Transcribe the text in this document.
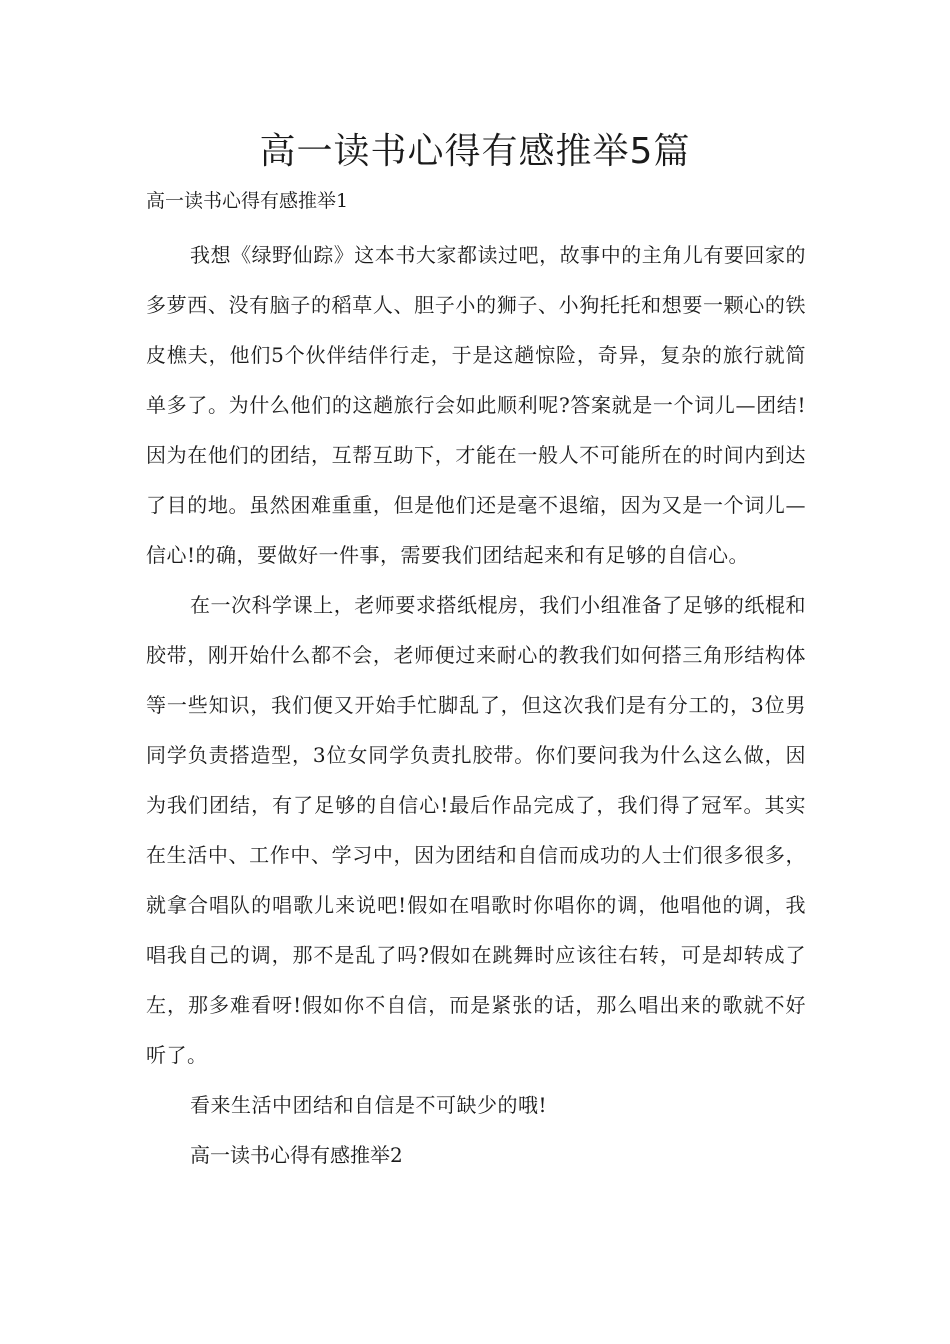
高一读书心得有感推举5篇

高一读书心得有感推举1

我想《绿野仙踪》这本书大家都读过吧，故事中的主角儿有要回家的多萝西、没有脑子的稻草人、胆子小的狮子、小狗托托和想要一颗心的铁皮樵夫，他们5个伙伴结伴行走，于是这趟惊险，奇异，复杂的旅行就简单多了。为什么他们的这趟旅行会如此顺利呢?答案就是一个词儿—团结!因为在他们的团结，互帮互助下，才能在一般人不可能所在的时间内到达了目的地。虽然困难重重，但是他们还是毫不退缩，因为又是一个词儿—信心!的确，要做好一件事，需要我们团结起来和有足够的自信心。

在一次科学课上，老师要求搭纸棍房，我们小组准备了足够的纸棍和胶带，刚开始什么都不会，老师便过来耐心的教我们如何搭三角形结构体等一些知识，我们便又开始手忙脚乱了，但这次我们是有分工的，3位男同学负责搭造型，3位女同学负责扎胶带。你们要问我为什么这么做，因为我们团结，有了足够的自信心!最后作品完成了，我们得了冠军。其实在生活中、工作中、学习中，因为团结和自信而成功的人士们很多很多，就拿合唱队的唱歌儿来说吧!假如在唱歌时你唱你的调，他唱他的调，我唱我自己的调，那不是乱了吗?假如在跳舞时应该往右转，可是却转成了左，那多难看呀!假如你不自信，而是紧张的话，那么唱出来的歌就不好听了。

看来生活中团结和自信是不可缺少的哦!

高一读书心得有感推举2
